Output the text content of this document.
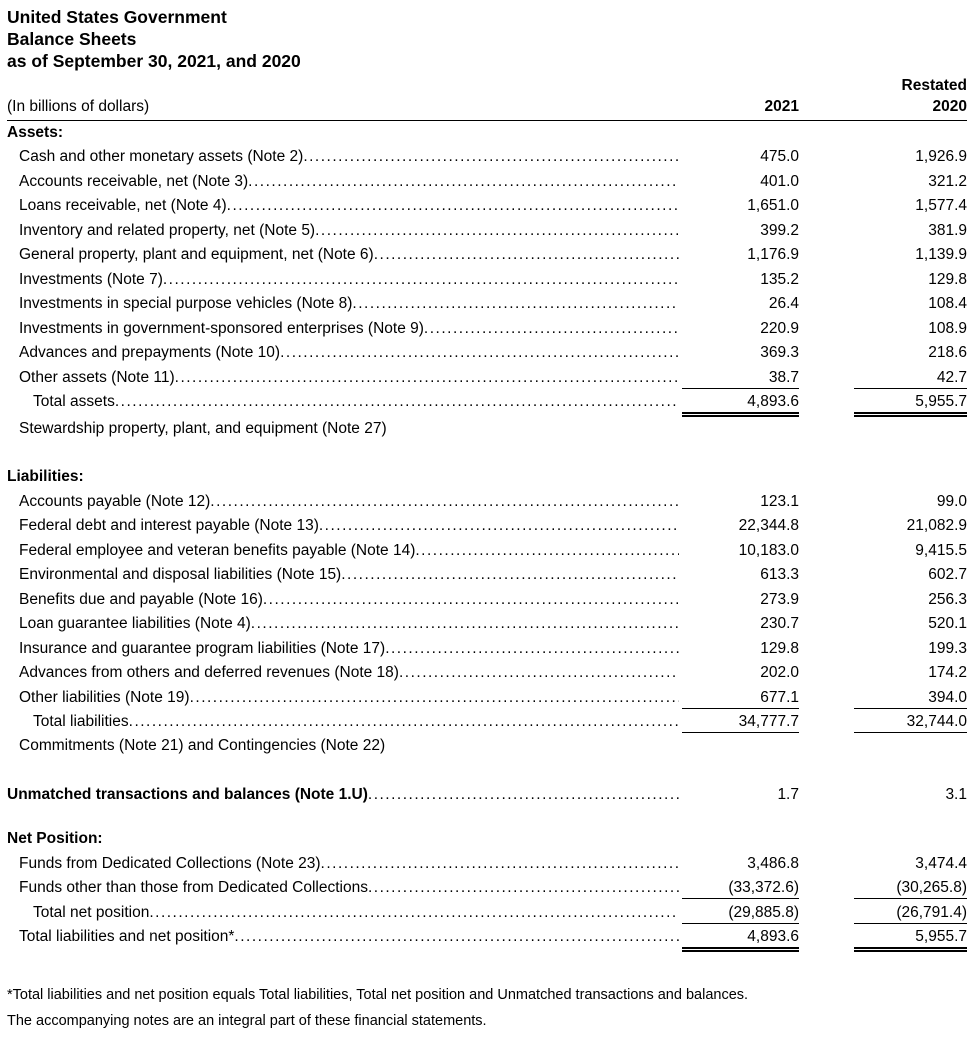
United States Government
Balance Sheets
as of September 30, 2021, and 2020
Restated
(In billions of dollars)	2021	2020
Assets:
Cash and other monetary assets (Note 2) .....	475.0	1,926.9
Accounts receivable, net (Note 3) .....	401.0	321.2
Loans receivable, net (Note 4) .....	1,651.0	1,577.4
Inventory and related property, net (Note 5) .....	399.2	381.9
General property, plant and equipment, net (Note 6) .....	1,176.9	1,139.9
Investments (Note 7) .....	135.2	129.8
Investments in special purpose vehicles (Note 8) .....	26.4	108.4
Investments in government-sponsored enterprises (Note 9) .....	220.9	108.9
Advances and prepayments (Note 10) .....	369.3	218.6
Other assets (Note 11) .....	38.7	42.7
Total assets .....	4,893.6	5,955.7
Stewardship property, plant, and equipment (Note 27)
Liabilities:
Accounts payable (Note 12) .....	123.1	99.0
Federal debt and interest payable (Note 13) .....	22,344.8	21,082.9
Federal employee and veteran benefits payable (Note 14) .....	10,183.0	9,415.5
Environmental and disposal liabilities (Note 15) .....	613.3	602.7
Benefits due and payable (Note 16) .....	273.9	256.3
Loan guarantee liabilities (Note 4) .....	230.7	520.1
Insurance and guarantee program liabilities (Note 17) .....	129.8	199.3
Advances from others and deferred revenues (Note 18) .....	202.0	174.2
Other liabilities (Note 19) .....	677.1	394.0
Total liabilities .....	34,777.7	32,744.0
Commitments (Note 21) and Contingencies (Note 22)
Unmatched transactions and balances (Note 1.U) .....	1.7	3.1
Net Position:
Funds from Dedicated Collections (Note 23) .....	3,486.8	3,474.4
Funds other than those from Dedicated Collections .....	(33,372.6)	(30,265.8)
Total net position .....	(29,885.8)	(26,791.4)
Total liabilities and net position* .....	4,893.6	5,955.7
*Total liabilities and net position equals Total liabilities, Total net position and Unmatched transactions and balances.
The accompanying notes are an integral part of these financial statements.
